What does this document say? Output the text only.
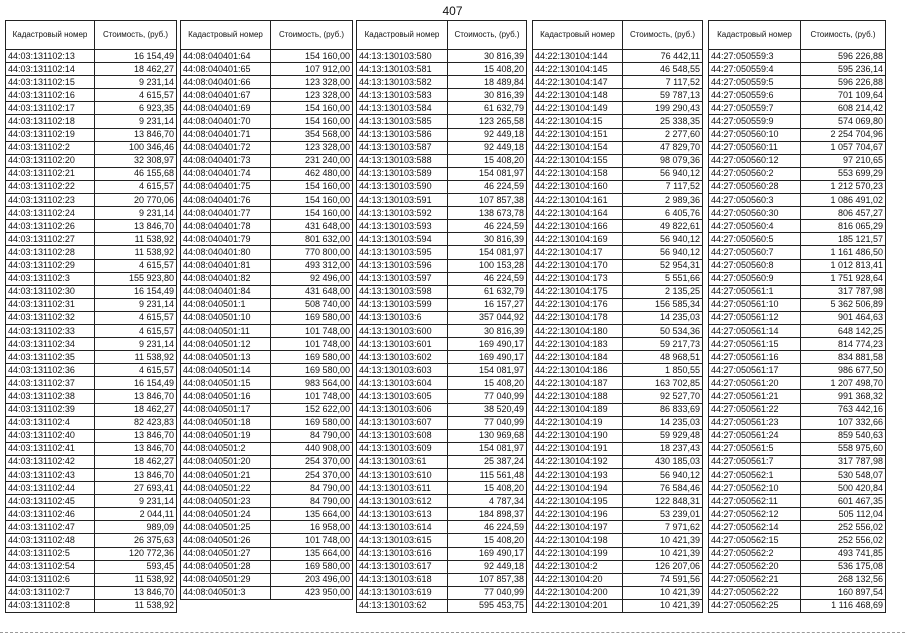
407
Кадастровый номер	Стоимость, (руб.)
44:03:131102:13	16 154,49
44:03:131102:14	18 462,27
44:03:131102:15	9 231,14
44:03:131102:16	4 615,57
44:03:131102:17	6 923,35
44:03:131102:18	9 231,14
44:03:131102:19	13 846,70
44:03:131102:2	100 346,46
44:03:131102:20	32 308,97
44:03:131102:21	46 155,68
44:03:131102:22	4 615,57
44:03:131102:23	20 770,06
44:03:131102:24	9 231,14
44:03:131102:26	13 846,70
44:03:131102:27	11 538,92
44:03:131102:28	11 538,92
44:03:131102:29	4 615,57
44:03:131102:3	155 923,80
44:03:131102:30	16 154,49
44:03:131102:31	9 231,14
44:03:131102:32	4 615,57
44:03:131102:33	4 615,57
44:03:131102:34	9 231,14
44:03:131102:35	11 538,92
44:03:131102:36	4 615,57
44:03:131102:37	16 154,49
44:03:131102:38	13 846,70
44:03:131102:39	18 462,27
44:03:131102:4	82 423,83
44:03:131102:40	13 846,70
44:03:131102:41	13 846,70
44:03:131102:42	18 462,27
44:03:131102:43	13 846,70
44:03:131102:44	27 693,41
44:03:131102:45	9 231,14
44:03:131102:46	2 044,11
44:03:131102:47	989,09
44:03:131102:48	26 375,63
44:03:131102:5	120 772,36
44:03:131102:54	593,45
44:03:131102:6	11 538,92
44:03:131102:7	13 846,70
44:03:131102:8	11 538,92
Кадастровый номер	Стоимость, (руб.)
44:08:040401:64	154 160,00
44:08:040401:65	107 912,00
44:08:040401:66	123 328,00
44:08:040401:67	123 328,00
44:08:040401:69	154 160,00
44:08:040401:70	154 160,00
44:08:040401:71	354 568,00
44:08:040401:72	123 328,00
44:08:040401:73	231 240,00
44:08:040401:74	462 480,00
44:08:040401:75	154 160,00
44:08:040401:76	154 160,00
44:08:040401:77	154 160,00
44:08:040401:78	431 648,00
44:08:040401:79	801 632,00
44:08:040401:80	770 800,00
44:08:040401:81	493 312,00
44:08:040401:82	92 496,00
44:08:040401:84	431 648,00
44:08:040501:1	508 740,00
44:08:040501:10	169 580,00
44:08:040501:11	101 748,00
44:08:040501:12	101 748,00
44:08:040501:13	169 580,00
44:08:040501:14	169 580,00
44:08:040501:15	983 564,00
44:08:040501:16	101 748,00
44:08:040501:17	152 622,00
44:08:040501:18	169 580,00
44:08:040501:19	84 790,00
44:08:040501:2	440 908,00
44:08:040501:20	254 370,00
44:08:040501:21	254 370,00
44:08:040501:22	84 790,00
44:08:040501:23	84 790,00
44:08:040501:24	135 664,00
44:08:040501:25	16 958,00
44:08:040501:26	101 748,00
44:08:040501:27	135 664,00
44:08:040501:28	169 580,00
44:08:040501:29	203 496,00
44:08:040501:3	423 950,00
Кадастровый номер	Стоимость, (руб.)
44:13:130103:580	30 816,39
44:13:130103:581	15 408,20
44:13:130103:582	18 489,84
44:13:130103:583	30 816,39
44:13:130103:584	61 632,79
44:13:130103:585	123 265,58
44:13:130103:586	92 449,18
44:13:130103:587	92 449,18
44:13:130103:588	15 408,20
44:13:130103:589	154 081,97
44:13:130103:590	46 224,59
44:13:130103:591	107 857,38
44:13:130103:592	138 673,78
44:13:130103:593	46 224,59
44:13:130103:594	30 816,39
44:13:130103:595	154 081,97
44:13:130103:596	100 153,28
44:13:130103:597	46 224,59
44:13:130103:598	61 632,79
44:13:130103:599	16 157,27
44:13:130103:6	357 044,92
44:13:130103:600	30 816,39
44:13:130103:601	169 490,17
44:13:130103:602	169 490,17
44:13:130103:603	154 081,97
44:13:130103:604	15 408,20
44:13:130103:605	77 040,99
44:13:130103:606	38 520,49
44:13:130103:607	77 040,99
44:13:130103:608	130 969,68
44:13:130103:609	154 081,97
44:13:130103:61	25 387,24
44:13:130103:610	115 561,48
44:13:130103:611	15 408,20
44:13:130103:612	4 787,34
44:13:130103:613	184 898,37
44:13:130103:614	46 224,59
44:13:130103:615	15 408,20
44:13:130103:616	169 490,17
44:13:130103:617	92 449,18
44:13:130103:618	107 857,38
44:13:130103:619	77 040,99
44:13:130103:62	595 453,75
Кадастровый номер	Стоимость, (руб.)
44:22:130104:144	76 442,11
44:22:130104:145	46 548,55
44:22:130104:147	7 117,52
44:22:130104:148	59 787,13
44:22:130104:149	199 290,43
44:22:130104:15	25 338,35
44:22:130104:151	2 277,60
44:22:130104:154	47 829,70
44:22:130104:155	98 079,36
44:22:130104:158	56 940,12
44:22:130104:160	7 117,52
44:22:130104:161	2 989,36
44:22:130104:164	6 405,76
44:22:130104:166	49 822,61
44:22:130104:169	56 940,12
44:22:130104:17	56 940,12
44:22:130104:170	52 954,31
44:22:130104:173	5 551,66
44:22:130104:175	2 135,25
44:22:130104:176	156 585,34
44:22:130104:178	14 235,03
44:22:130104:180	50 534,36
44:22:130104:183	59 217,73
44:22:130104:184	48 968,51
44:22:130104:186	1 850,55
44:22:130104:187	163 702,85
44:22:130104:188	92 527,70
44:22:130104:189	86 833,69
44:22:130104:19	14 235,03
44:22:130104:190	59 929,48
44:22:130104:191	18 237,43
44:22:130104:192	430 185,03
44:22:130104:193	56 940,12
44:22:130104:194	76 584,46
44:22:130104:195	122 848,31
44:22:130104:196	53 239,01
44:22:130104:197	7 971,62
44:22:130104:198	10 421,39
44:22:130104:199	10 421,39
44:22:130104:2	126 207,06
44:22:130104:20	74 591,56
44:22:130104:200	10 421,39
44:22:130104:201	10 421,39
Кадастровый номер	Стоимость, (руб.)
44:27:050559:3	596 226,88
44:27:050559:4	595 236,14
44:27:050559:5	596 226,88
44:27:050559:6	701 109,64
44:27:050559:7	608 214,42
44:27:050559:9	574 069,80
44:27:050560:10	2 254 704,96
44:27:050560:11	1 057 704,67
44:27:050560:12	97 210,65
44:27:050560:2	553 699,29
44:27:050560:28	1 212 570,23
44:27:050560:3	1 086 491,02
44:27:050560:30	806 457,27
44:27:050560:4	816 065,29
44:27:050560:5	185 121,57
44:27:050560:7	1 161 486,50
44:27:050560:8	1 012 813,41
44:27:050560:9	1 751 928,64
44:27:050561:1	317 787,98
44:27:050561:10	5 362 506,89
44:27:050561:12	901 464,63
44:27:050561:14	648 142,25
44:27:050561:15	814 774,23
44:27:050561:16	834 881,58
44:27:050561:17	986 677,50
44:27:050561:20	1 207 498,70
44:27:050561:21	991 368,32
44:27:050561:22	763 442,16
44:27:050561:23	107 332,66
44:27:050561:24	859 540,63
44:27:050561:5	558 975,60
44:27:050561:7	317 787,98
44:27:050562:1	530 548,07
44:27:050562:10	500 420,84
44:27:050562:11	601 467,35
44:27:050562:12	505 112,04
44:27:050562:14	252 556,02
44:27:050562:15	252 556,02
44:27:050562:2	493 741,85
44:27:050562:20	536 175,08
44:27:050562:21	268 132,56
44:27:050562:22	160 897,54
44:27:050562:25	1 116 468,69
